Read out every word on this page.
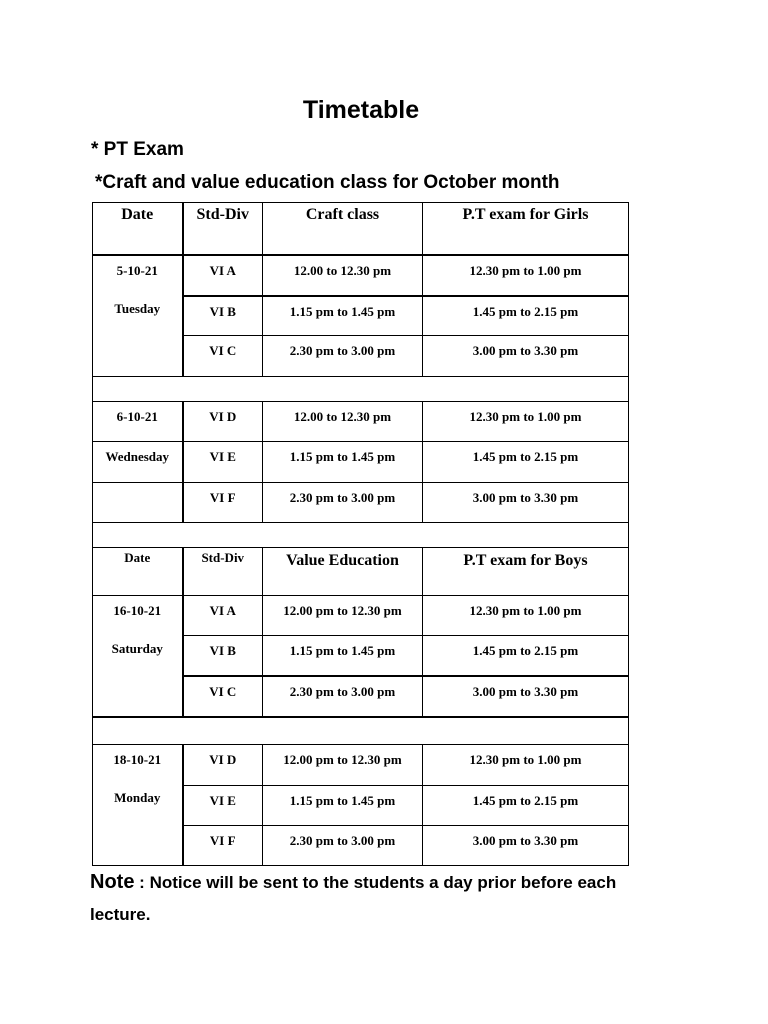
Timetable
* PT Exam
*Craft and value education class for October month
Date	Std-Div	Craft class	P.T exam for Girls

5-10-21
Tuesday	VI A	12.00 to 12.30 pm	12.30 pm to 1.00 pm

	VI B	1.15 pm to 1.45 pm	1.45 pm to 2.15 pm

	VI C	2.30 pm to 3.00 pm	3.00 pm to 3.30 pm

6-10-21	VI D	12.00 to 12.30 pm	12.30 pm to 1.00 pm

Wednesday	VI E	1.15 pm to 1.45 pm	1.45 pm to 2.15 pm

	VI F	2.30 pm to 3.00 pm	3.00 pm to 3.30 pm

Date	Std-Div	Value Education	P.T exam for Boys

16-10-21
Saturday	VI A	12.00 pm to 12.30 pm	12.30 pm to 1.00 pm

	VI B	1.15 pm to 1.45 pm	1.45 pm to 2.15 pm

	VI C	2.30 pm to 3.00 pm	3.00 pm to 3.30 pm

18-10-21
Monday	VI D	12.00 pm to 12.30 pm	12.30 pm to 1.00 pm

	VI E	1.15 pm to 1.45 pm	1.45 pm to 2.15 pm

	VI F	2.30 pm to 3.00 pm	3.00 pm to 3.30 pm
Note : Notice will be sent to the students a day prior before each lecture.
